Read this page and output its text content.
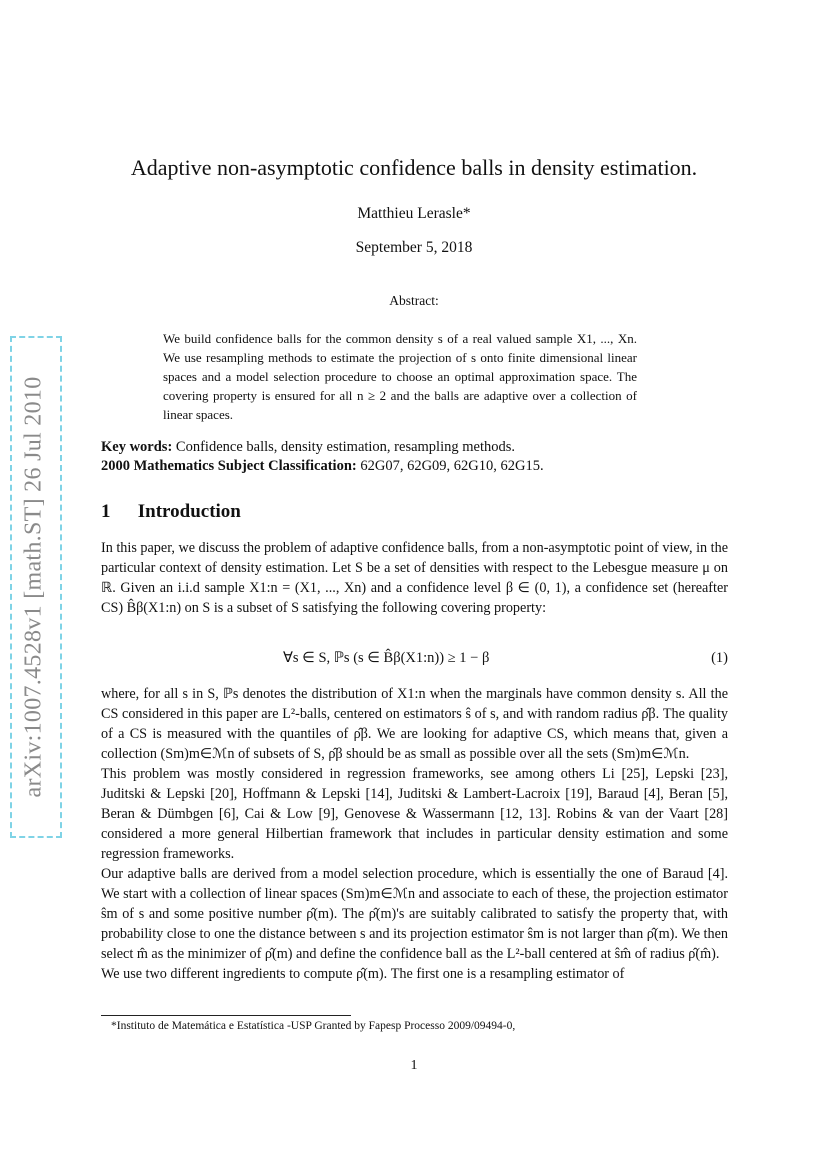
arXiv:1007.4528v1 [math.ST] 26 Jul 2010
Adaptive non-asymptotic confidence balls in density estimation.
Matthieu Lerasle*
September 5, 2018
Abstract:
We build confidence balls for the common density s of a real valued sample X1, ..., Xn. We use resampling methods to estimate the projection of s onto finite dimensional linear spaces and a model selection procedure to choose an optimal approximation space. The covering property is ensured for all n ≥ 2 and the balls are adaptive over a collection of linear spaces.
Key words: Confidence balls, density estimation, resampling methods.
2000 Mathematics Subject Classification: 62G07, 62G09, 62G10, 62G15.
1 Introduction
In this paper, we discuss the problem of adaptive confidence balls, from a non-asymptotic point of view, in the particular context of density estimation. Let S be a set of densities with respect to the Lebesgue measure μ on ℝ. Given an i.i.d sample X1:n = (X1, ..., Xn) and a confidence level β ∈ (0, 1), a confidence set (hereafter CS) B̂β(X1:n) on S is a subset of S satisfying the following covering property:
∀s ∈ S, ℙs (s ∈ B̂β(X1:n)) ≥ 1 − β	(1)
where, for all s in S, ℙs denotes the distribution of X1:n when the marginals have common density s. All the CS considered in this paper are L²-balls, centered on estimators ŝ of s, and with random radius ρ̂β. The quality of a CS is measured with the quantiles of ρ̂β. We are looking for adaptive CS, which means that, given a collection (Sm)m∈ℳn of subsets of S, ρ̂β should be as small as possible over all the sets (Sm)m∈ℳn.
This problem was mostly considered in regression frameworks, see among others Li [25], Lepski [23], Juditski & Lepski [20], Hoffmann & Lepski [14], Juditski & Lambert-Lacroix [19], Baraud [4], Beran [5], Beran & Dümbgen [6], Cai & Low [9], Genovese & Wassermann [12, 13]. Robins & van der Vaart [28] considered a more general Hilbertian framework that includes in particular density estimation and some regression frameworks.
Our adaptive balls are derived from a model selection procedure, which is essentially the one of Baraud [4]. We start with a collection of linear spaces (Sm)m∈ℳn and associate to each of these, the projection estimator ŝm of s and some positive number ρ̂(m). The ρ̂(m)'s are suitably calibrated to satisfy the property that, with probability close to one the distance between s and its projection estimator ŝm is not larger than ρ̂(m). We then select m̂ as the minimizer of ρ̂(m) and define the confidence ball as the L²-ball centered at ŝm̂ of radius ρ̂(m̂).
We use two different ingredients to compute ρ̂(m). The first one is a resampling estimator of
*Instituto de Matemática e Estatística -USP Granted by Fapesp Processo 2009/09494-0,
1
